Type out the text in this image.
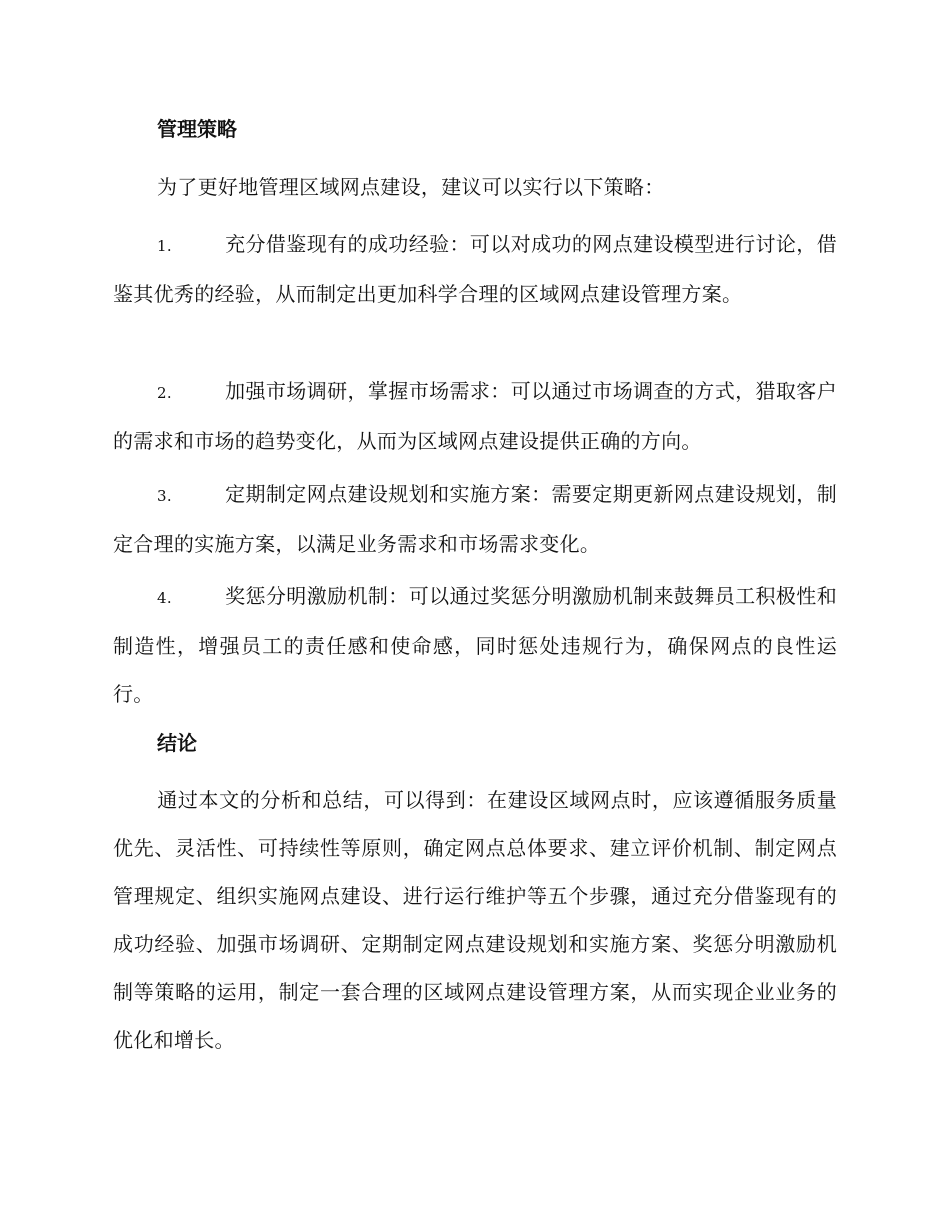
管理策略
为了更好地管理区域网点建设，建议可以实行以下策略：
1.	充分借鉴现有的成功经验：可以对成功的网点建设模型进行讨论，借鉴其优秀的经验，从而制定出更加科学合理的区域网点建设管理方案。
2.	加强市场调研，掌握市场需求：可以通过市场调查的方式，猎取客户的需求和市场的趋势变化，从而为区域网点建设提供正确的方向。
3.	定期制定网点建设规划和实施方案：需要定期更新网点建设规划，制定合理的实施方案，以满足业务需求和市场需求变化。
4.	奖惩分明激励机制：可以通过奖惩分明激励机制来鼓舞员工积极性和制造性，增强员工的责任感和使命感，同时惩处违规行为，确保网点的良性运行。
结论
通过本文的分析和总结，可以得到：在建设区域网点时，应该遵循服务质量优先、灵活性、可持续性等原则，确定网点总体要求、建立评价机制、制定网点管理规定、组织实施网点建设、进行运行维护等五个步骤，通过充分借鉴现有的成功经验、加强市场调研、定期制定网点建设规划和实施方案、奖惩分明激励机制等策略的运用，制定一套合理的区域网点建设管理方案，从而实现企业业务的优化和增长。
